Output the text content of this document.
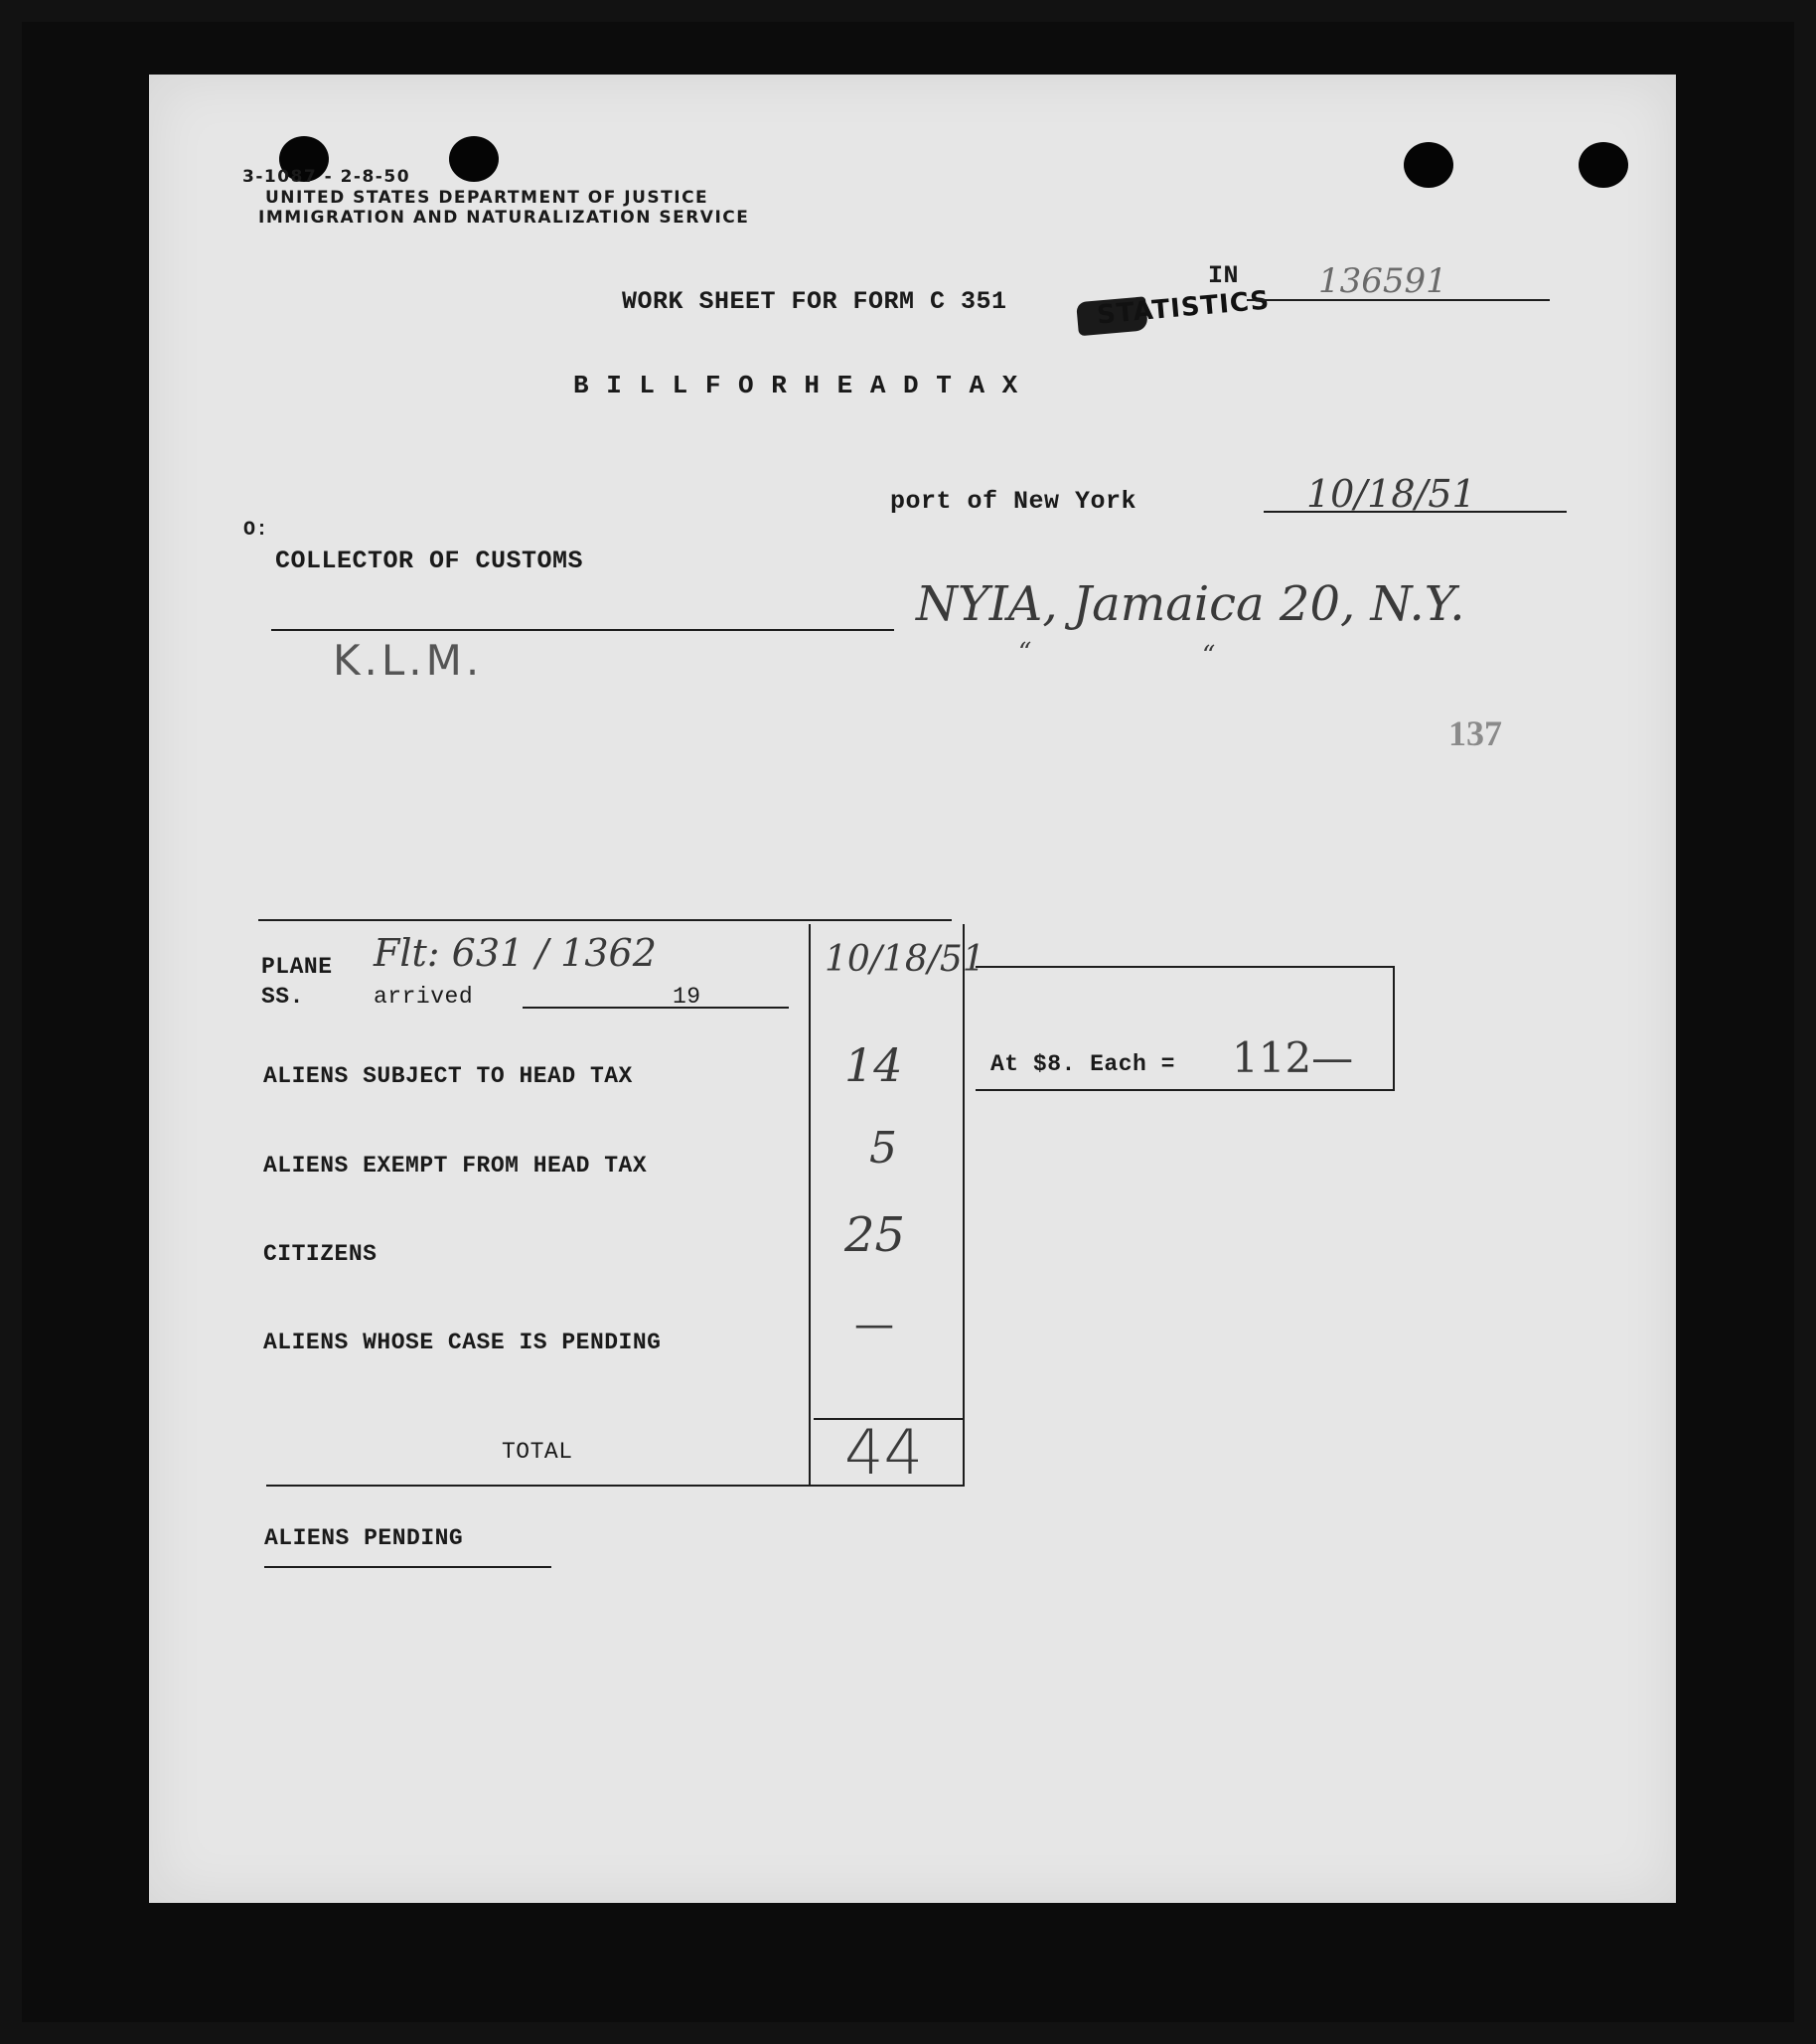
3-1087 - 2-8-50
UNITED STATES DEPARTMENT OF JUSTICE
IMMIGRATION AND NATURALIZATION SERVICE
STATISTICS
WORK SHEET FOR FORM C 351
IN 136591
B I L L F O R H E A D T A X
port of New York	10/18/51
O:
COLLECTOR OF CUSTOMS
NYIA, Jamaica 20, N.Y.
“	“
K.L.M.
137
PLANE
SS.	arrived	19
Flt: 631 / 1362	10/18/51
ALIENS SUBJECT TO HEAD TAX	14
ALIENS EXEMPT FROM HEAD TAX	5
CITIZENS	25
ALIENS WHOSE CASE IS PENDING	—
TOTAL	44
At $8. Each = 112—
ALIENS PENDING
